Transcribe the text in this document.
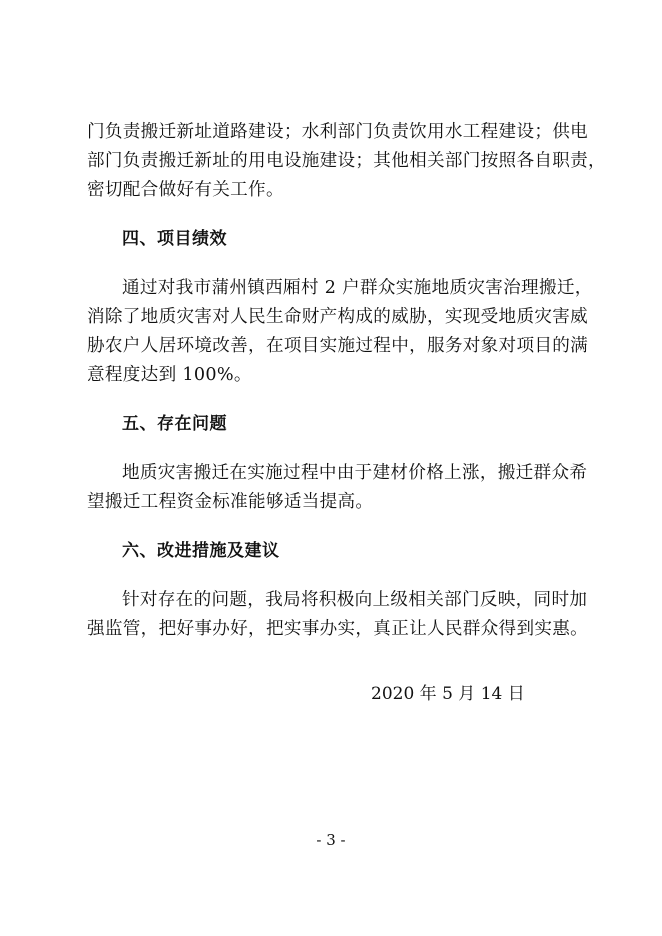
门负责搬迁新址道路建设；水利部门负责饮用水工程建设；供电
部门负责搬迁新址的用电设施建设；其他相关部门按照各自职责，
密切配合做好有关工作。

四、项目绩效

通过对我市蒲州镇西厢村 2 户群众实施地质灾害治理搬迁，
消除了地质灾害对人民生命财产构成的威胁，实现受地质灾害威
胁农户人居环境改善，在项目实施过程中，服务对象对项目的满
意程度达到 100%。

五、存在问题

地质灾害搬迁在实施过程中由于建材价格上涨，搬迁群众希
望搬迁工程资金标准能够适当提高。

六、改进措施及建议

针对存在的问题，我局将积极向上级相关部门反映，同时加
强监管，把好事办好，把实事办实，真正让人民群众得到实惠。

2020 年 5 月 14 日
- 3 -
